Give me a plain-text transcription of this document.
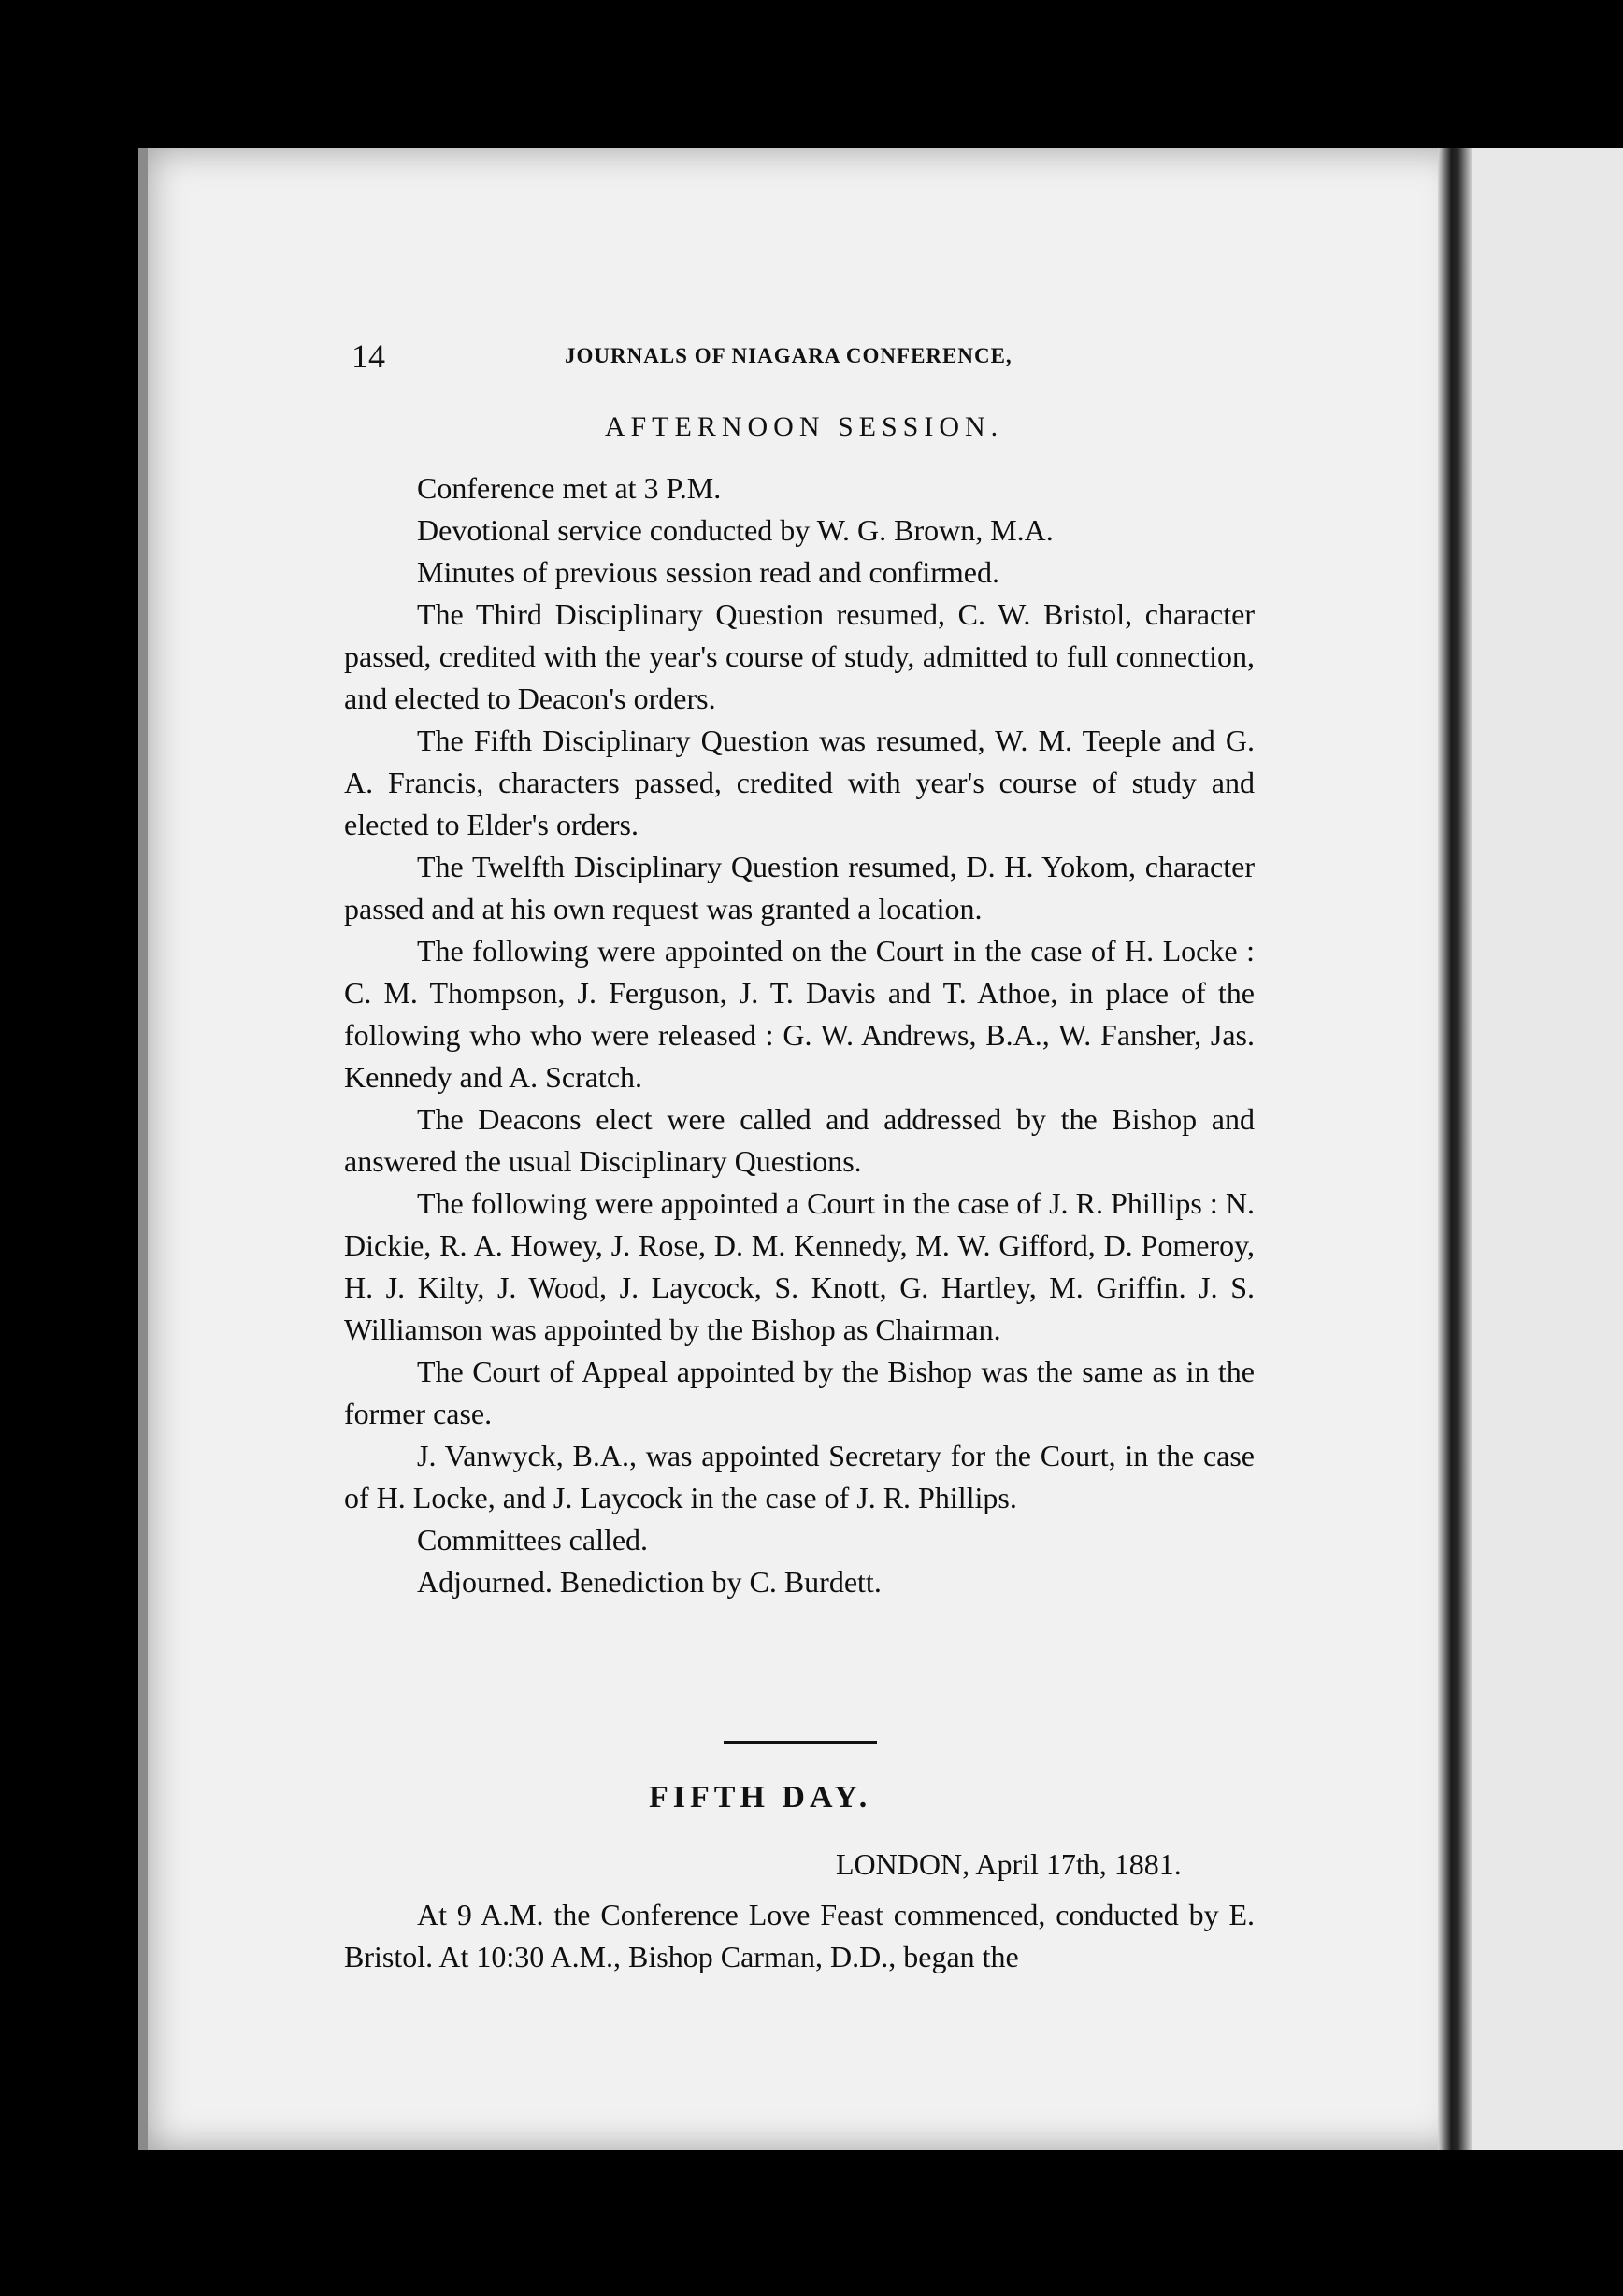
14	JOURNALS OF NIAGARA CONFERENCE,
AFTERNOON SESSION.

Conference met at 3 P.M.

Devotional service conducted by W. G. Brown, M.A.

Minutes of previous session read and confirmed.

The Third Disciplinary Question resumed, C. W. Bristol, character passed, credited with the year's course of study, admitted to full connection, and elected to Deacon's orders.

The Fifth Disciplinary Question was resumed, W. M. Teeple and G. A. Francis, characters passed, credited with year's course of study and elected to Elder's orders.

The Twelfth Disciplinary Question resumed, D. H. Yokom, character passed and at his own request was granted a location.

The following were appointed on the Court in the case of H. Locke : C. M. Thompson, J. Ferguson, J. T. Davis and T. Athoe, in place of the following who who were released : G. W. Andrews, B.A., W. Fansher, Jas. Kennedy and A. Scratch.

The Deacons elect were called and addressed by the Bishop and answered the usual Disciplinary Questions.

The following were appointed a Court in the case of J. R. Phillips : N. Dickie, R. A. Howey, J. Rose, D. M. Kennedy, M. W. Gifford, D. Pomeroy, H. J. Kilty, J. Wood, J. Laycock, S. Knott, G. Hartley, M. Griffin. J. S. Williamson was appointed by the Bishop as Chairman.

The Court of Appeal appointed by the Bishop was the same as in the former case.

J. Vanwyck, B.A., was appointed Secretary for the Court, in the case of H. Locke, and J. Laycock in the case of J. R. Phillips.

Committees called.

Adjourned. Benediction by C. Burdett.

FIFTH DAY.
LONDON, April 17th, 1881.

At 9 A.M. the Conference Love Feast commenced, conducted by E. Bristol. At 10:30 A.M., Bishop Carman, D.D., began the
